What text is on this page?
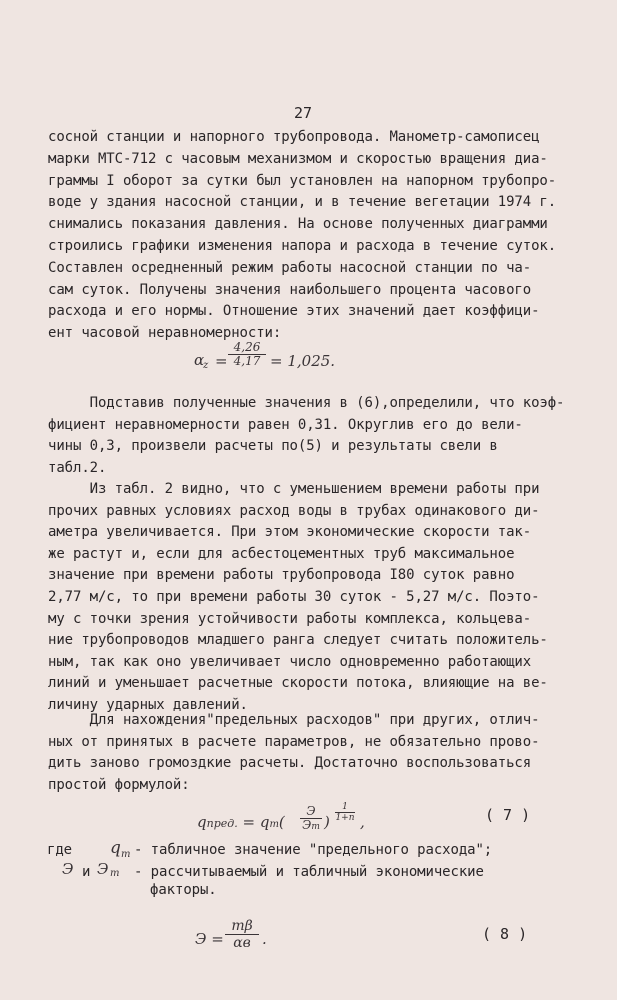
27
сосной станции и напорного трубопровода. Манометр-самописец
марки МТС-712 с часовым механизмом и скоростью вращения диа-
граммы I оборот за сутки был установлен на напорном трубопро-
воде у здания насосной станции, и в течение вегетации 1974 г.
снимались показания давления. На основе полученных диаграмми
строились графики изменения напора и расхода в течение суток.
Составлен осредненный режим работы насосной станции по ча-
сам суток. Получены значения наибольшего процента часового
расхода и его нормы. Отношение этих значений дает коэффици-
ент часовой неравномерности:
α
$z = \frac{4,26}{4,17} = 1,025$.
Подставив полученные значения в (6),определили, что коэф-
фициент неравномерности равен 0,31. Округлив его до вели-
чины 0,3, произвели расчеты по(5) и результаты свели в
табл.2.
Из табл. 2 видно, что с уменьшением времени работы при
прочих равных условиях расход воды в трубах одинакового ди-
аметра увеличивается. При этом экономические скорости так-
же растут и, если для асбестоцементных труб максимальное
значение при времени работы трубопровода I80 суток равно
2,77 м/с, то при времени работы 30 суток - 5,27 м/с. Поэто-
му с точки зрения устойчивости работы комплекса, кольцева-
ние трубопроводов младшего ранга следует считать положитель-
ным, так как оно увеличивает число одновременно работающих
линий и уменьшает расчетные скорости потока, влияющие на ве-
личину ударных давлений.
Для нахождения"предельных расходов" при других, отлич-
ных от принятых в расчете параметров, не обязательно прово-
дить заново громоздкие расчеты. Достаточно воспользоваться
простой формулой:
qпред. = qт(
Э
Эт ) $\frac{1}{1+n}$ ,	( 7 )
где q т - табличное значение "предельного расхода";
Э и Э т - рассчитываемый и табличный экономические
факторы.
Э =
mβ
αв .	( 8 )
